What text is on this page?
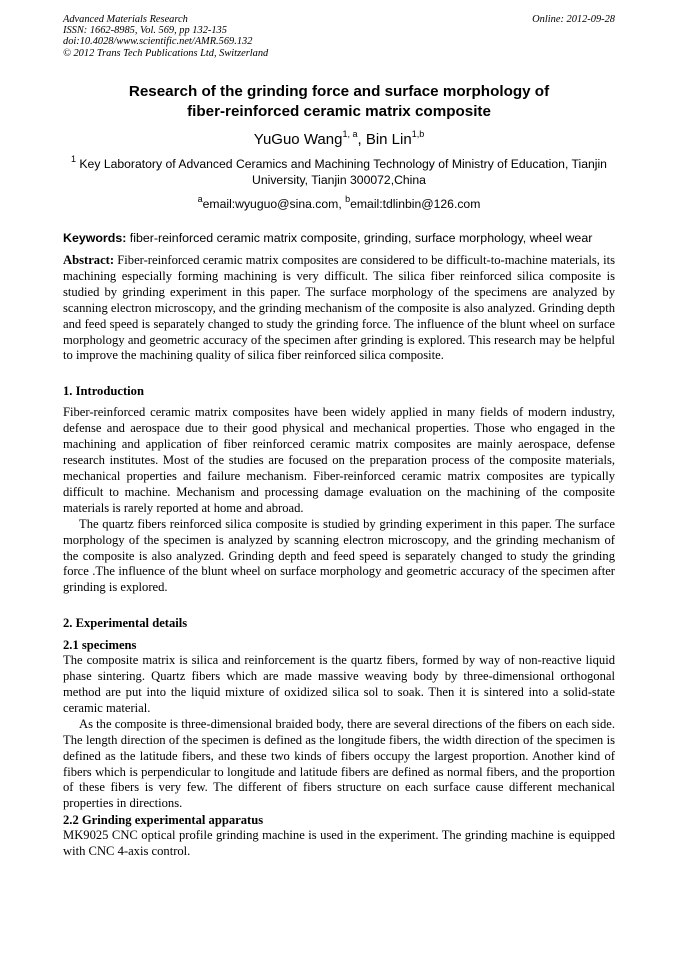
Advanced Materials Research
ISSN: 1662-8985, Vol. 569, pp 132-135
doi:10.4028/www.scientific.net/AMR.569.132
© 2012 Trans Tech Publications Ltd, Switzerland
Online: 2012-09-28
Research of the grinding force and surface morphology of
fiber-reinforced ceramic matrix composite
YuGuo Wang$^{1, a}$, Bin Lin$^{1,b}$
$^1$ Key Laboratory of Advanced Ceramics and Machining Technology of Ministry of Education, Tianjin
University, Tianjin 300072,China
$^a$email:wyuguo@sina.com, $^b$email:tdlinbin@126.com
Keywords: fiber-reinforced ceramic matrix composite, grinding, surface morphology, wheel wear

Abstract: Fiber-reinforced ceramic matrix composites are considered to be difficult-to-machine materials, its machining especially forming machining is very difficult. The silica fiber reinforced silica composite is studied by grinding experiment in this paper. The surface morphology of the specimens are analyzed by scanning electron microscopy, and the grinding mechanism of the composite is also analyzed. Grinding depth and feed speed is separately changed to study the grinding force. The influence of the blunt wheel on surface morphology and geometric accuracy of the specimen after grinding is explored. This research may be helpful to improve the machining quality of silica fiber reinforced silica composite.

1. Introduction

Fiber-reinforced ceramic matrix composites have been widely applied in many fields of modern industry, defense and aerospace due to their good physical and mechanical properties. Those who engaged in the machining and application of fiber reinforced ceramic matrix composites are mainly aerospace, defense research institutes. Most of the studies are focused on the preparation process of the composite materials, mechanical properties and failure mechanism. Fiber-reinforced ceramic matrix composites are typically difficult to machine. Mechanism and processing damage evaluation on the machining of the composite materials is rarely reported at home and abroad.

The quartz fibers reinforced silica composite is studied by grinding experiment in this paper. The surface morphology of the specimen is analyzed by scanning electron microscopy, and the grinding mechanism of the composite is also analyzed. Grinding depth and feed speed is separately changed to study the grinding force .The influence of the blunt wheel on surface morphology and geometric accuracy of the specimen after grinding is explored.

2. Experimental details
2.1 specimens

The composite matrix is silica and reinforcement is the quartz fibers, formed by way of non-reactive liquid phase sintering. Quartz fibers which are made massive weaving body by three-dimensional orthogonal method are put into the liquid mixture of oxidized silica sol to soak. Then it is sintered into a solid-state ceramic material.

As the composite is three-dimensional braided body, there are several directions of the fibers on each side. The length direction of the specimen is defined as the longitude fibers, the width direction of the specimen is defined as the latitude fibers, and these two kinds of fibers occupy the largest proportion. Another kind of fibers which is perpendicular to longitude and latitude fibers are defined as normal fibers, and the proportion of these fibers is very few. The different of fibers structure on each surface cause different mechanical properties in directions.

2.2 Grinding experimental apparatus

MK9025 CNC optical profile grinding machine is used in the experiment. The grinding machine is equipped with CNC 4-axis control.
